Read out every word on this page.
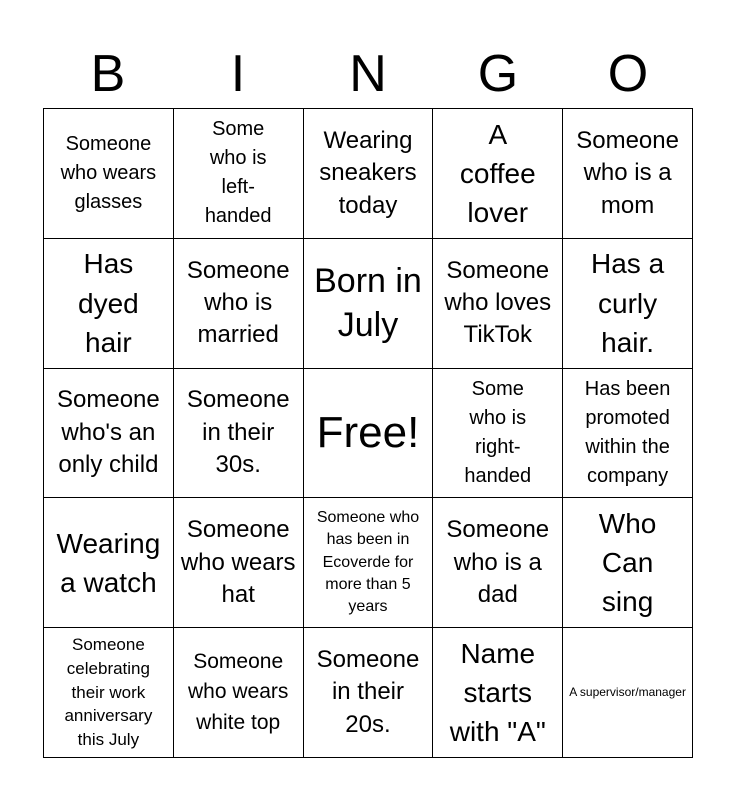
B	I	N	G	O
Someone who wears glasses
Some who is left-handed
Wearing sneakers today
A coffee lover
Someone who is a mom
Has dyed hair
Someone who is married
Born in July
Someone who loves TikTok
Has a curly hair.
Someone who's an only child
Someone in their 30s.
Free!
Some who is right-handed
Has been promoted within the company
Wearing a watch
Someone who wears hat
Someone who has been in Ecoverde for more than 5 years
Someone who is a dad
Who Can sing
Someone celebrating their work anniversary this July
Someone who wears white top
Someone in their 20s.
Name starts with "A"
A supervisor/manager
